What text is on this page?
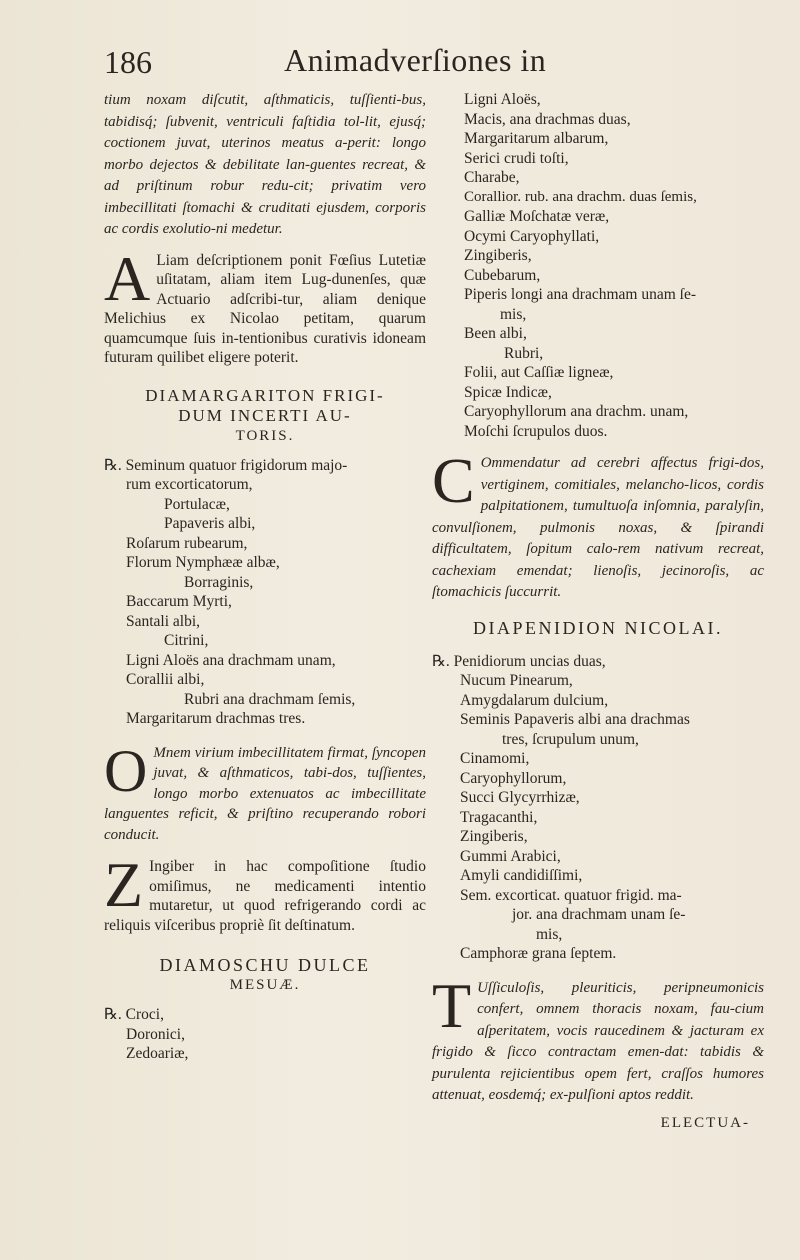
186	Animadverſiones in

tium noxam diſcutit, aſthmaticis, tuſſienti-bus, tabidisq́; ſubvenit, ventriculi faſtidia tol-lit, ejusq́; coctionem juvat, uterinos meatus a-perit: longo morbo dejectos & debilitate lan-guentes recreat, & ad priſtinum robur redu-cit; privatim vero imbecillitati ſtomachi & cruditati ejusdem, corporis ac cordis exolutio-ni medetur.

A Liam deſcriptionem ponit Fœſius Lutetiæ uſitatam, aliam item Lug-dunenſes, quæ Actuario adſcribi-tur, aliam denique Melichius ex Nicolao petitam, quarum quamcumque ſuis in-tentionibus curativis idoneam futuram quilibet eligere poterit.

DIAMARGARITON FRIGI-

DUM INCERTI AU-

TORIS.

℞. Seminum quatuor frigidorum majo-

rum excorticatorum,

Portulacæ,

Papaveris albi,

Roſarum rubearum,

Florum Nymphææ albæ,

Borraginis,

Baccarum Myrti,

Santali albi,

Citrini,

Ligni Aloës ana drachmam unam,

Corallii albi,

Rubri ana drachmam ſemis,

Margaritarum drachmas tres.

O Mnem virium imbecillitatem firmat, ſyncopen juvat, & aſthmaticos, tabi-dos, tuſſientes, longo morbo extenuatos ac imbecillitate languentes reficit, & priſtino recuperando robori conducit.

Z Ingiber in hac compoſitione ſtudio omiſimus, ne medicamenti intentio mutaretur, ut quod refrigerando cordi ac reliquis viſceribus propriè ſit deſtinatum.

DIAMOSCHU DULCE

MESUÆ.

℞. Croci,

Doronici,

Zedoariæ,

Ligni Aloës,

Macis, ana drachmas duas,

Margaritarum albarum,

Serici crudi toſti,

Charabe,

Corallior. rub. ana drachm. duas ſemis,

Galliæ Moſchatæ veræ,

Ocymi Caryophyllati,

Zingiberis,

Cubebarum,

Piperis longi ana drachmam unam ſe-

mis,

Been albi,

Rubri,

Folii, aut Caſſiæ ligneæ,

Spicæ Indicæ,

Caryophyllorum ana drachm. unam,

Moſchi ſcrupulos duos.

C Ommendatur ad cerebri affectus frigi-dos, vertiginem, comitiales, melancho-licos, cordis palpitationem, tumultuoſa inſomnia, paralyſin, convulſionem, pulmonis noxas, & ſpirandi difficultatem, ſopitum calo-rem nativum recreat, cachexiam emendat; lienoſis, jecinoroſis, ac ſtomachicis ſuccurrit.

DIAPENIDION NICOLAI.

℞. Penidiorum uncias duas,

Nucum Pinearum,

Amygdalarum dulcium,

Seminis Papaveris albi ana drachmas

tres, ſcrupulum unum,

Cinamomi,

Caryophyllorum,

Succi Glycyrrhizæ,

Tragacanthi,

Zingiberis,

Gummi Arabici,

Amyli candidiſſimi,

Sem. excorticat. quatuor frigid. ma-

jor. ana drachmam unam ſe-

mis,

Camphoræ grana ſeptem.

T Uſſiculoſis, pleuriticis, peripneumonicis confert, omnem thoracis noxam, fau-cium aſperitatem, vocis raucedinem & jacturam ex frigido & ſicco contractam emen-dat: tabidis & purulenta rejicientibus opem fert, craſſos humores attenuat, eosdemq́; ex-pulſioni aptos reddit.

ELECTUA-
